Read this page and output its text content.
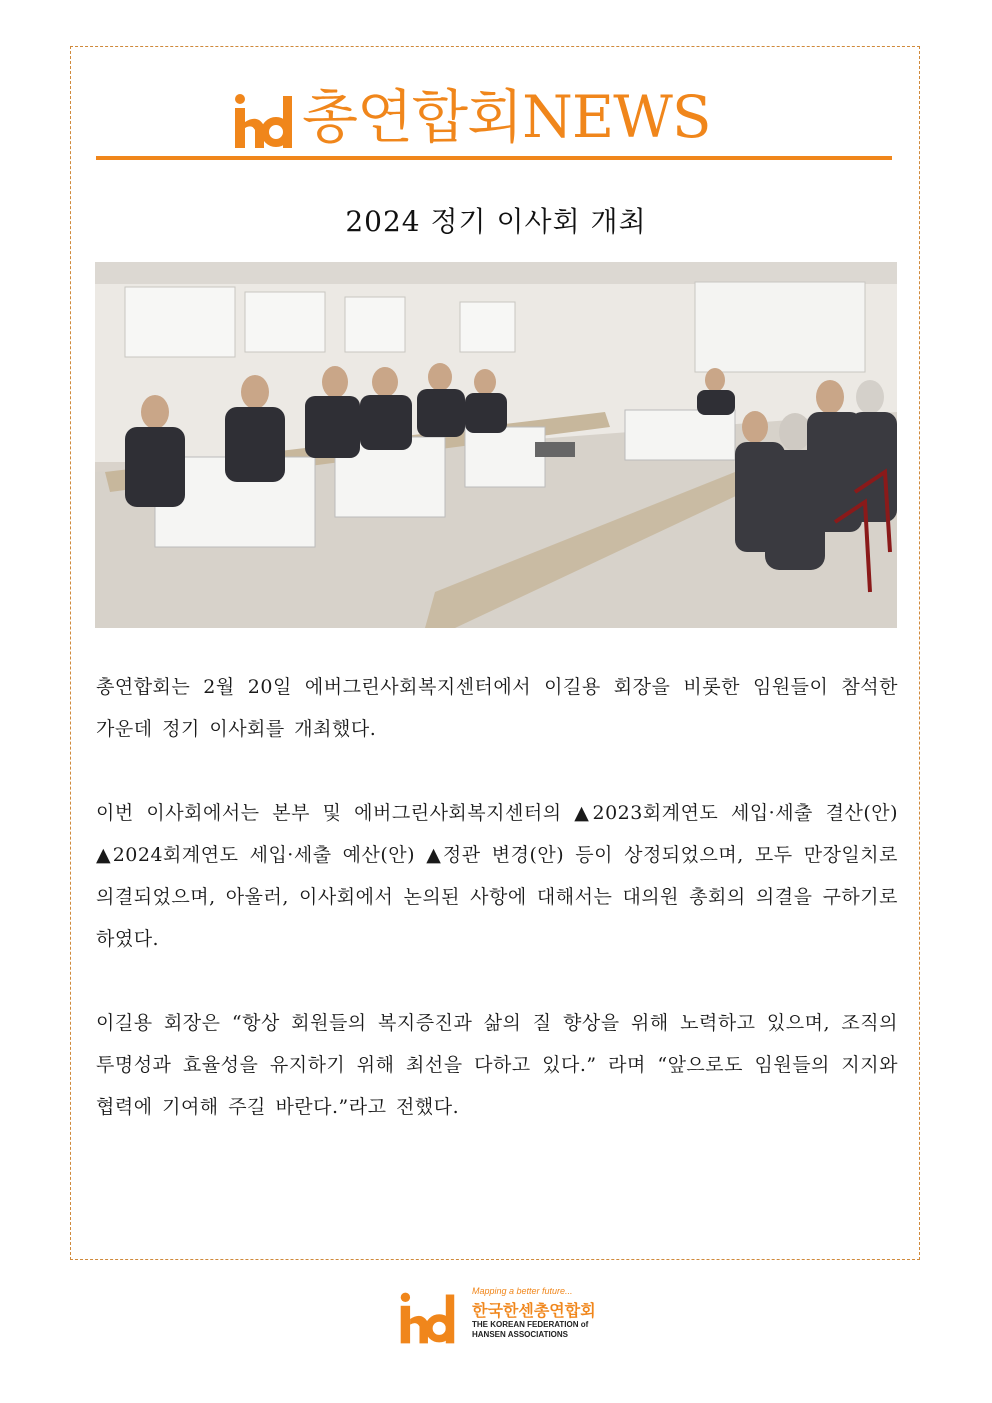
총연합회NEWS
2024 정기 이사회 개최

총연합회는 2월 20일 에버그린사회복지센터에서 이길용 회장을 비롯한 임원들이 참석한 가운데 정기 이사회를 개최했다.

이번 이사회에서는 본부 및 에버그린사회복지센터의 ▲2023회계연도 세입·세출 결산(안) ▲2024회계연도 세입·세출 예산(안) ▲정관 변경(안) 등이 상정되었으며, 모두 만장일치로 의결되었으며, 아울러, 이사회에서 논의된 사항에 대해서는 대의원 총회의 의결을 구하기로 하였다.

이길용 회장은 “항상 회원들의 복지증진과 삶의 질 향상을 위해 노력하고 있으며, 조직의 투명성과 효율성을 유지하기 위해 최선을 다하고 있다.” 라며 “앞으로도 임원들의 지지와 협력에 기여해 주길 바란다.”라고 전했다.

Mapping a better future...
한국한센총연합회
THE KOREAN FEDERATION of
HANSEN ASSOCIATIONS
